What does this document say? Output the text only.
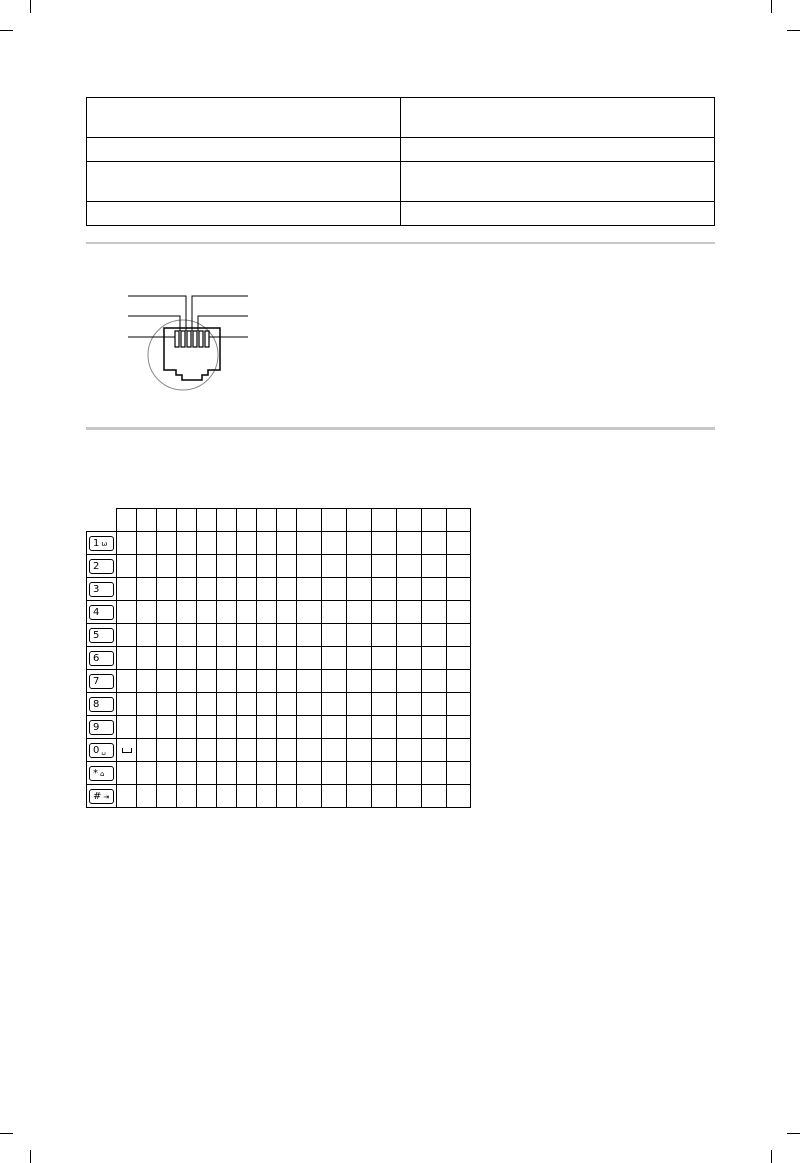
1 ω																
2																
3																
4																
5																
6																
7																
8																
9																
0 ␣																
* ⌂																
# ⇥																
